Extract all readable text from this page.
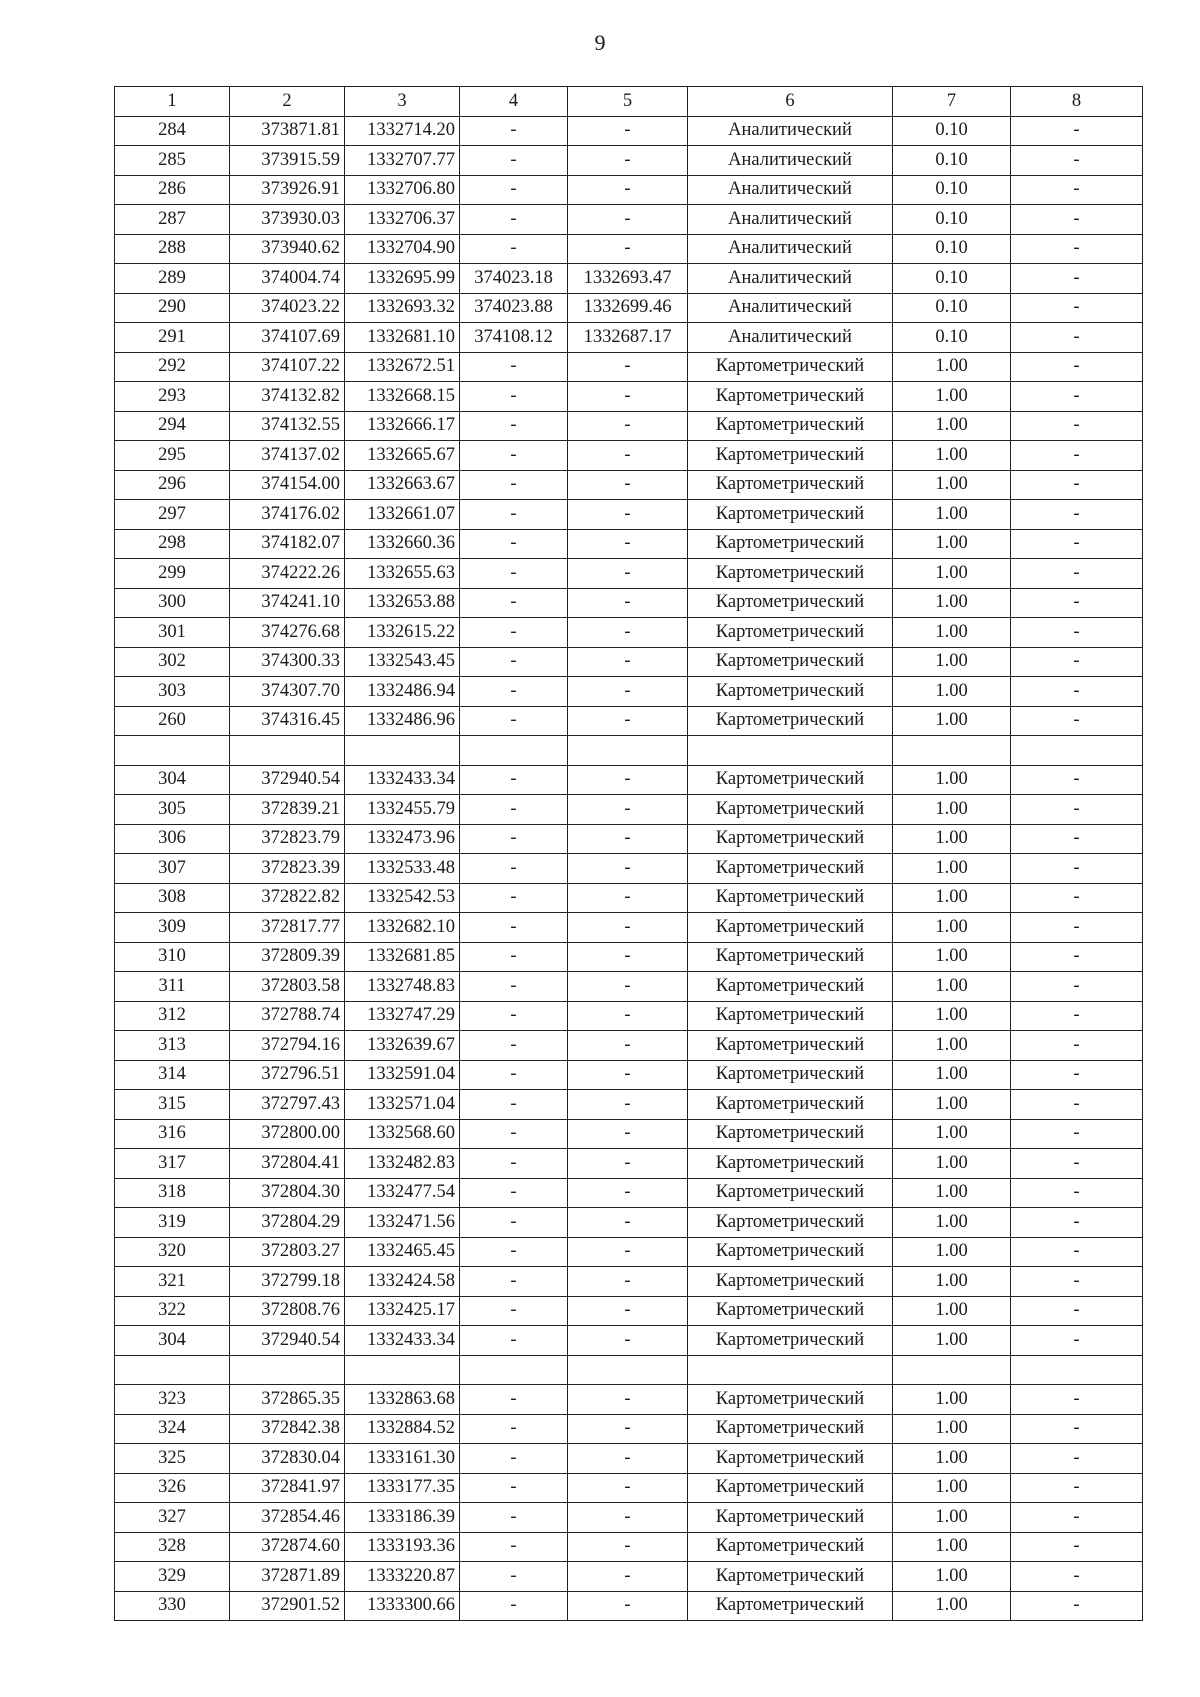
9
1	2	3	4	5	6	7	8
284	373871.81	1332714.20	-	-	Аналитический	0.10	-
285	373915.59	1332707.77	-	-	Аналитический	0.10	-
286	373926.91	1332706.80	-	-	Аналитический	0.10	-
287	373930.03	1332706.37	-	-	Аналитический	0.10	-
288	373940.62	1332704.90	-	-	Аналитический	0.10	-
289	374004.74	1332695.99	374023.18	1332693.47	Аналитический	0.10	-
290	374023.22	1332693.32	374023.88	1332699.46	Аналитический	0.10	-
291	374107.69	1332681.10	374108.12	1332687.17	Аналитический	0.10	-
292	374107.22	1332672.51	-	-	Картометрический	1.00	-
293	374132.82	1332668.15	-	-	Картометрический	1.00	-
294	374132.55	1332666.17	-	-	Картометрический	1.00	-
295	374137.02	1332665.67	-	-	Картометрический	1.00	-
296	374154.00	1332663.67	-	-	Картометрический	1.00	-
297	374176.02	1332661.07	-	-	Картометрический	1.00	-
298	374182.07	1332660.36	-	-	Картометрический	1.00	-
299	374222.26	1332655.63	-	-	Картометрический	1.00	-
300	374241.10	1332653.88	-	-	Картометрический	1.00	-
301	374276.68	1332615.22	-	-	Картометрический	1.00	-
302	374300.33	1332543.45	-	-	Картометрический	1.00	-
303	374307.70	1332486.94	-	-	Картометрический	1.00	-
260	374316.45	1332486.96	-	-	Картометрический	1.00	-

304	372940.54	1332433.34	-	-	Картометрический	1.00	-
305	372839.21	1332455.79	-	-	Картометрический	1.00	-
306	372823.79	1332473.96	-	-	Картометрический	1.00	-
307	372823.39	1332533.48	-	-	Картометрический	1.00	-
308	372822.82	1332542.53	-	-	Картометрический	1.00	-
309	372817.77	1332682.10	-	-	Картометрический	1.00	-
310	372809.39	1332681.85	-	-	Картометрический	1.00	-
311	372803.58	1332748.83	-	-	Картометрический	1.00	-
312	372788.74	1332747.29	-	-	Картометрический	1.00	-
313	372794.16	1332639.67	-	-	Картометрический	1.00	-
314	372796.51	1332591.04	-	-	Картометрический	1.00	-
315	372797.43	1332571.04	-	-	Картометрический	1.00	-
316	372800.00	1332568.60	-	-	Картометрический	1.00	-
317	372804.41	1332482.83	-	-	Картометрический	1.00	-
318	372804.30	1332477.54	-	-	Картометрический	1.00	-
319	372804.29	1332471.56	-	-	Картометрический	1.00	-
320	372803.27	1332465.45	-	-	Картометрический	1.00	-
321	372799.18	1332424.58	-	-	Картометрический	1.00	-
322	372808.76	1332425.17	-	-	Картометрический	1.00	-
304	372940.54	1332433.34	-	-	Картометрический	1.00	-

323	372865.35	1332863.68	-	-	Картометрический	1.00	-
324	372842.38	1332884.52	-	-	Картометрический	1.00	-
325	372830.04	1333161.30	-	-	Картометрический	1.00	-
326	372841.97	1333177.35	-	-	Картометрический	1.00	-
327	372854.46	1333186.39	-	-	Картометрический	1.00	-
328	372874.60	1333193.36	-	-	Картометрический	1.00	-
329	372871.89	1333220.87	-	-	Картометрический	1.00	-
330	372901.52	1333300.66	-	-	Картометрический	1.00	-
